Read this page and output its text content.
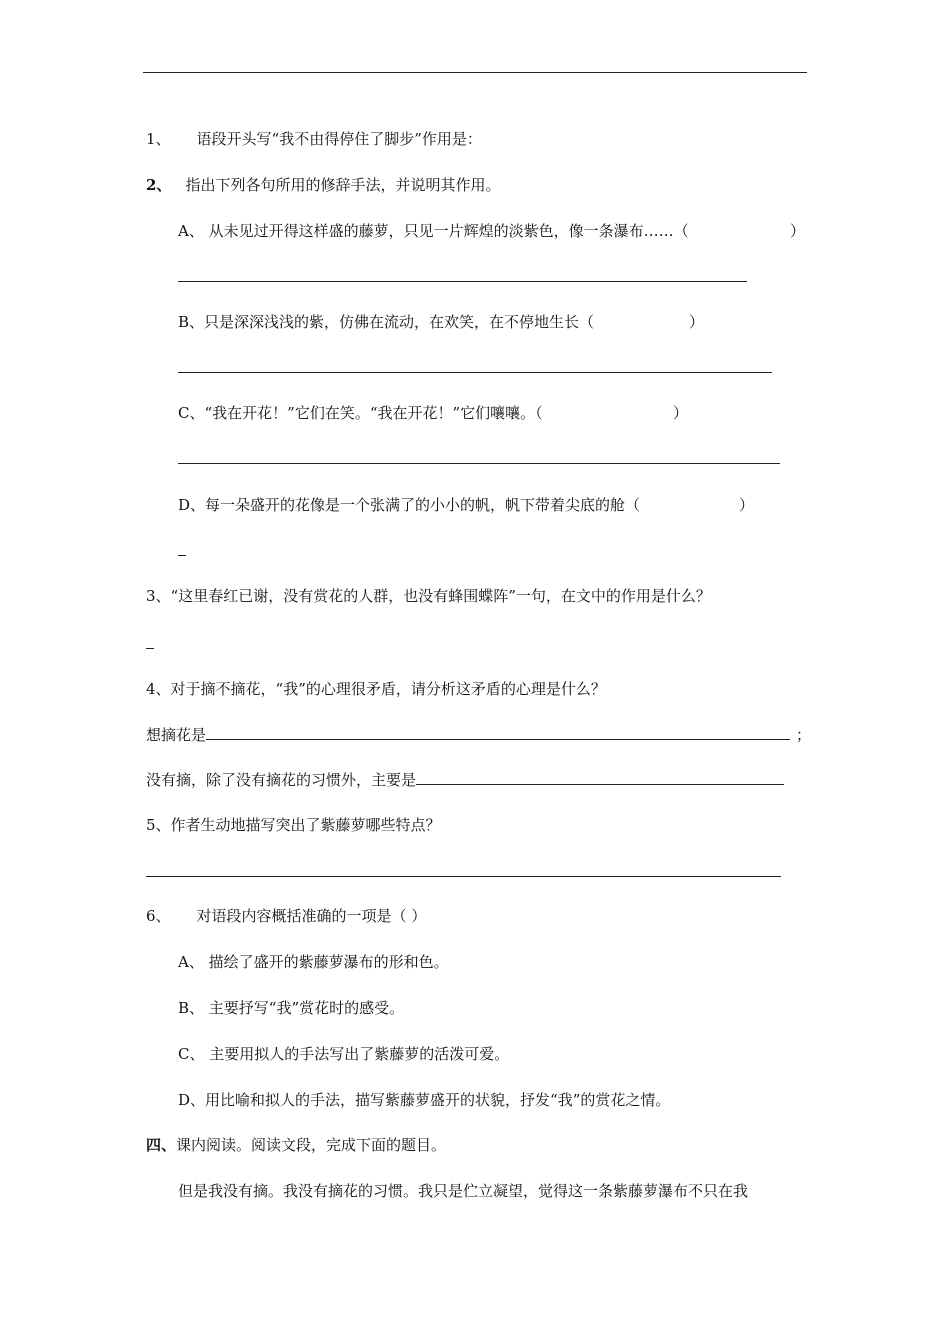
1、 语段开头写“我不由得停住了脚步”作用是：
2、 指出下列各句所用的修辞手法，并说明其作用。
A、 从未见过开得这样盛的藤萝，只见一片辉煌的淡紫色，像一条瀑布……（	）
B、只是深深浅浅的紫，仿佛在流动，在欢笑，在不停地生长（	）
C、“我在开花！”它们在笑。“我在开花！”它们嚷嚷。（	）
D、每一朵盛开的花像是一个张满了的小小的帆，帆下带着尖底的舱（	）
3、“这里春红已谢，没有赏花的人群，也没有蜂围蝶阵”一句，在文中的作用是什么？
4、对于摘不摘花，“我”的心理很矛盾，请分析这矛盾的心理是什么？
想摘花是	；
没有摘，除了没有摘花的习惯外，主要是
5、作者生动地描写突出了紫藤萝哪些特点？
6、 对语段内容概括准确的一项是（ ）
A、 描绘了盛开的紫藤萝瀑布的形和色。
B、 主要抒写“我”赏花时的感受。
C、 主要用拟人的手法写出了紫藤萝的活泼可爱。
D、用比喻和拟人的手法，描写紫藤萝盛开的状貌，抒发“我”的赏花之情。
四、课内阅读。阅读文段，完成下面的题目。
但是我没有摘。我没有摘花的习惯。我只是伫立凝望，觉得这一条紫藤萝瀑布不只在我
